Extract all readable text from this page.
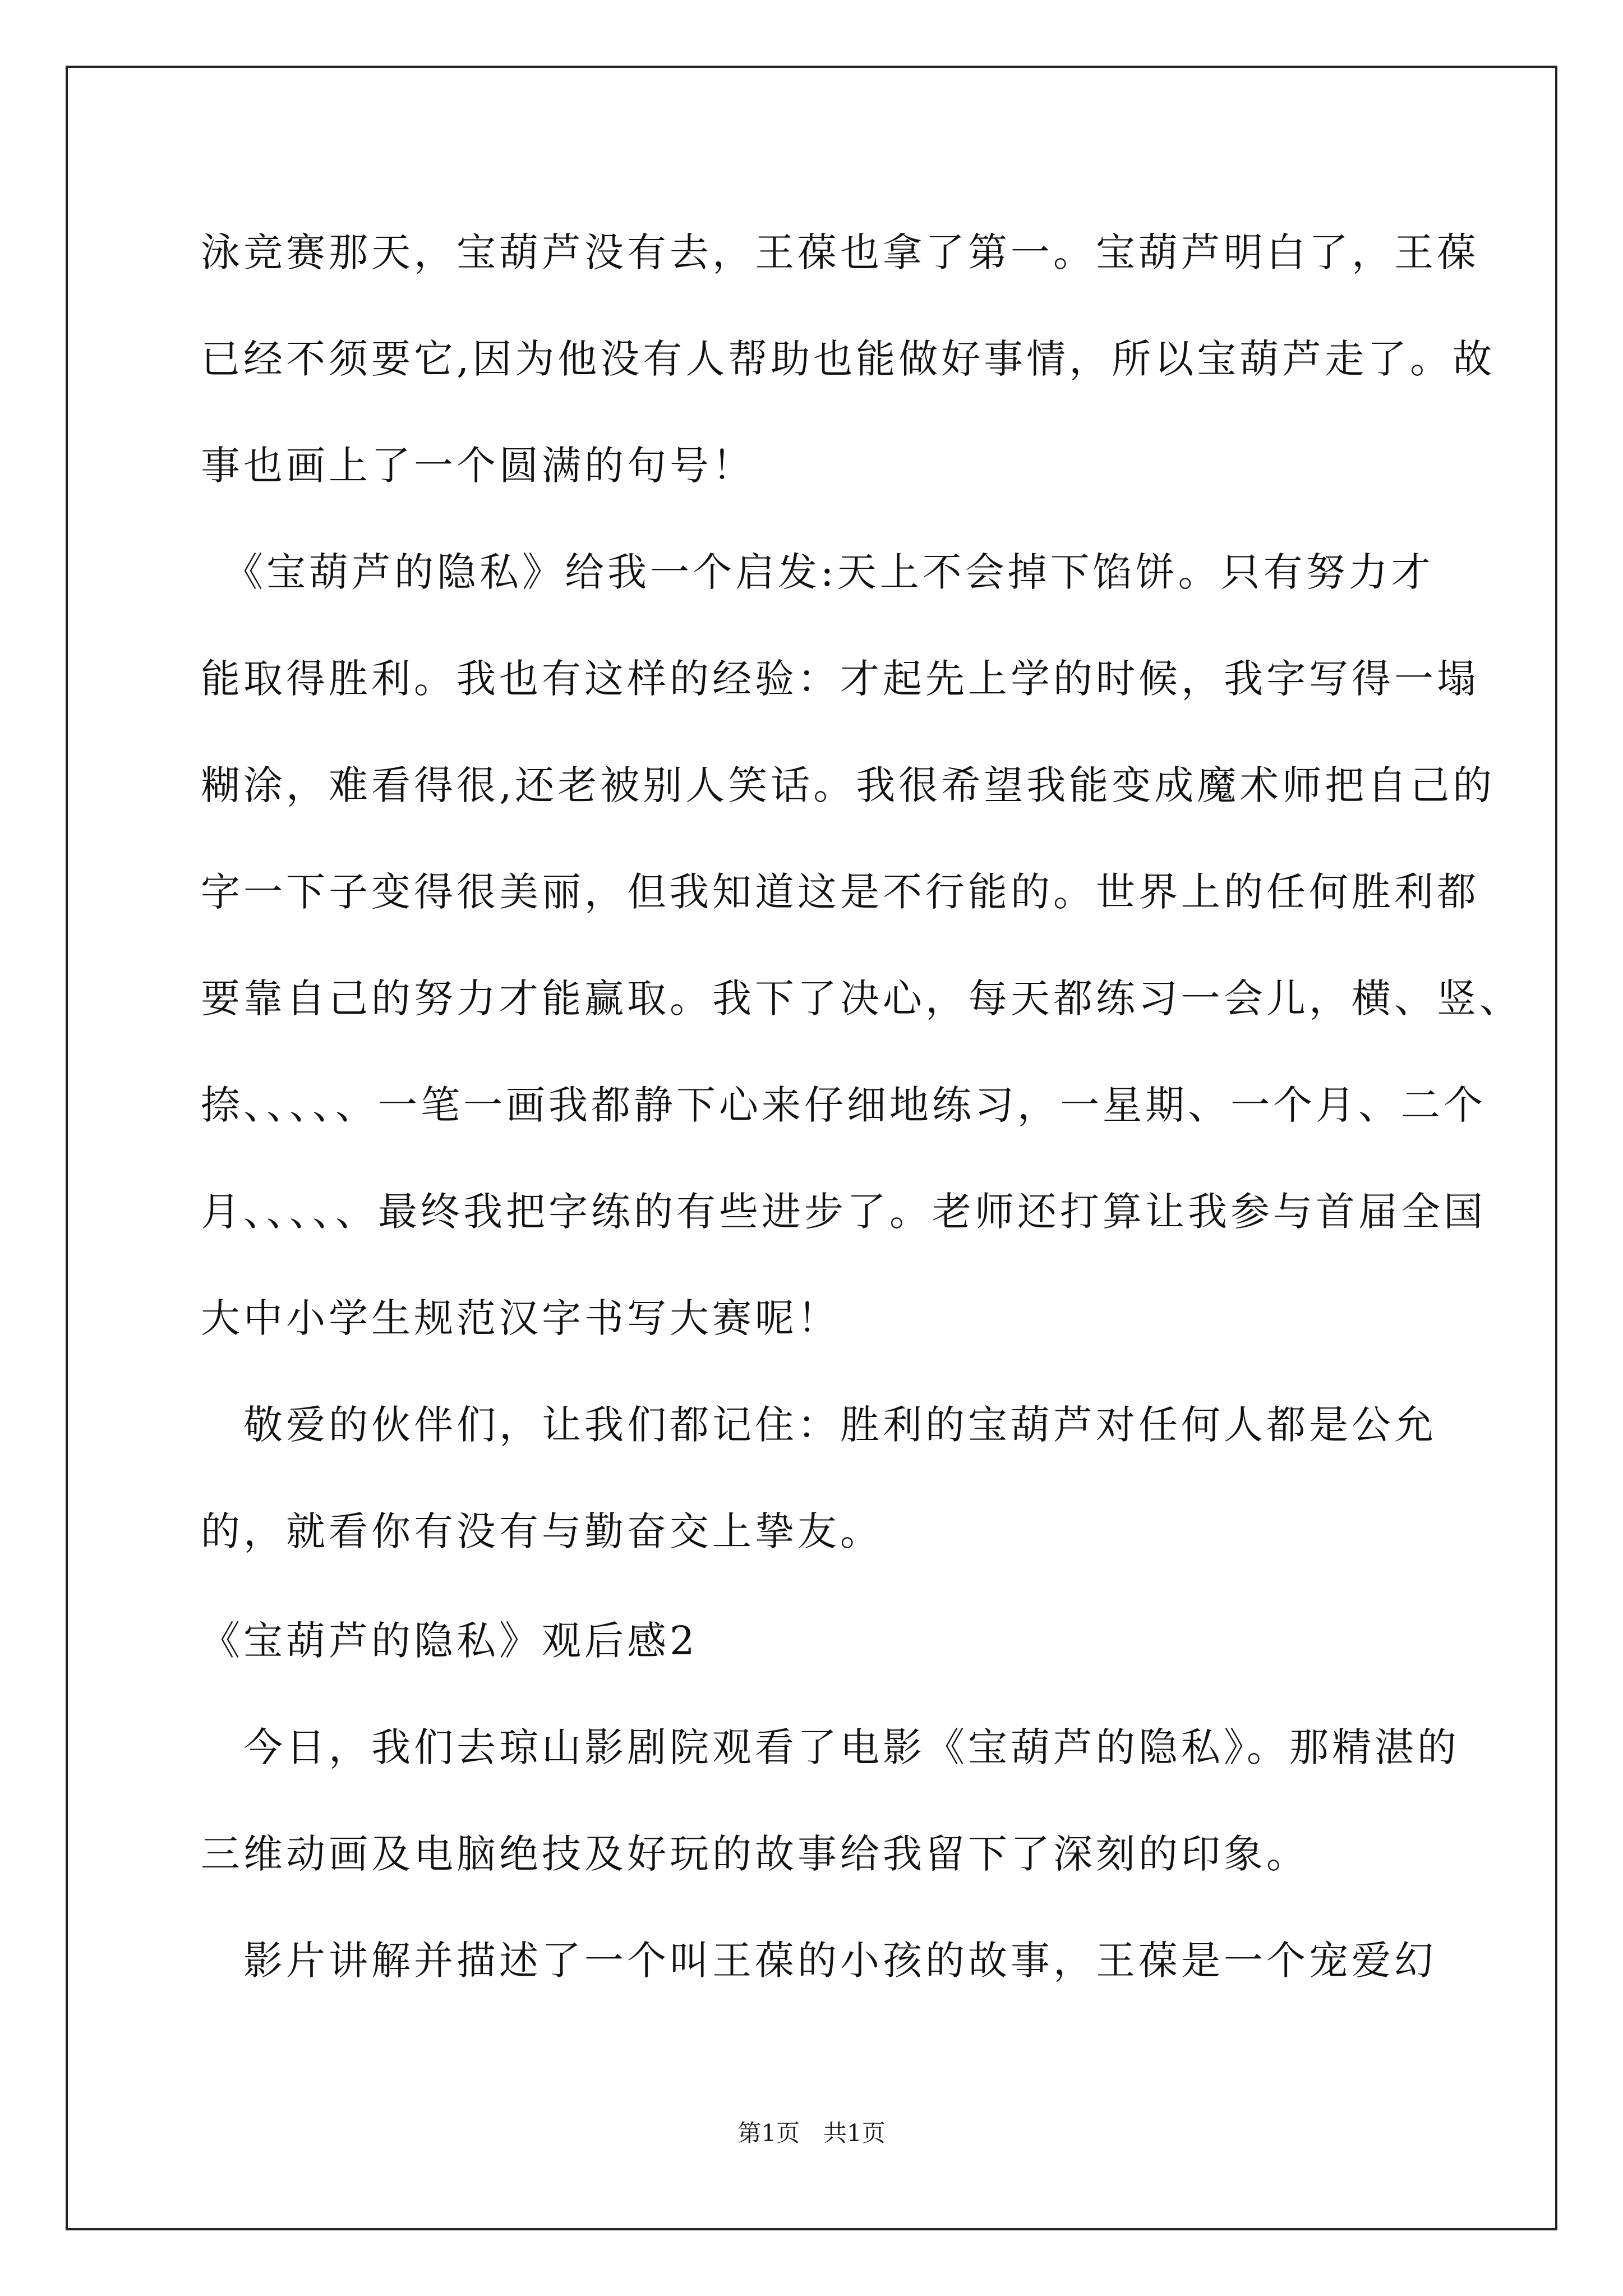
泳竞赛那天，宝葫芦没有去，王葆也拿了第一。宝葫芦明白了，王葆
已经不须要它,因为他没有人帮助也能做好事情，所以宝葫芦走了。故
事也画上了一个圆满的句号！
　《宝葫芦的隐私》给我一个启发:天上不会掉下馅饼。只有努力才
能取得胜利。我也有这样的经验：才起先上学的时候，我字写得一塌
糊涂，难看得很,还老被别人笑话。我很希望我能变成魔术师把自己的
字一下子变得很美丽，但我知道这是不行能的。世界上的任何胜利都
要靠自己的努力才能赢取。我下了决心，每天都练习一会儿，横、竖、
捺、、、、、一笔一画我都静下心来仔细地练习，一星期、一个月、二个
月、、、、、最终我把字练的有些进步了。老师还打算让我参与首届全国
大中小学生规范汉字书写大赛呢！
　敬爱的伙伴们，让我们都记住：胜利的宝葫芦对任何人都是公允
的，就看你有没有与勤奋交上挚友。
《宝葫芦的隐私》观后感2
　今日，我们去琼山影剧院观看了电影《宝葫芦的隐私》。那精湛的
三维动画及电脑绝技及好玩的故事给我留下了深刻的印象。
　影片讲解并描述了一个叫王葆的小孩的故事，王葆是一个宠爱幻
第1页　共1页
